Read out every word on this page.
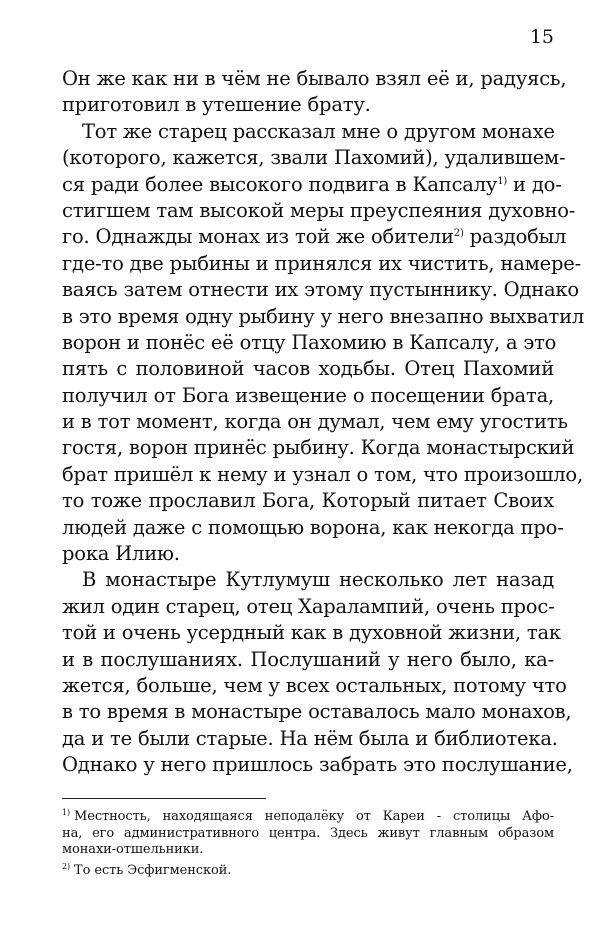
15
Он же как ни в чём не бывало взял её и, радуясь,
приготовил в утешение брату.
Тот же старец рассказал мне о другом монахе
(которого, кажется, звали Пахомий), удалившем-
ся ради более высокого подвига в Капсалу$^{1)}$ и до-
стигшем там высокой меры преуспеяния духовно-
го. Однажды монах из той же обители$^{2)}$ раздобыл
где-то две рыбины и принялся их чистить, намере-
ваясь затем отнести их этому пустыннику. Однако
в это время одну рыбину у него внезапно выхватил
ворон и понёс её отцу Пахомию в Капсалу, а это
пять с половиной часов ходьбы. Отец Пахомий
получил от Бога извещение о посещении брата,
и в тот момент, когда он думал, чем ему угостить
гостя, ворон принёс рыбину. Когда монастырский
брат пришёл к нему и узнал о том, что произошло,
то тоже прославил Бога, Который питает Своих
людей даже с помощью ворона, как некогда про-
рока Илию.
В монастыре Кутлумуш несколько лет назад
жил один старец, отец Харалампий, очень прос-
той и очень усердный как в духовной жизни, так
и в послушаниях. Послушаний у него было, ка-
жется, больше, чем у всех остальных, потому что
в то время в монастыре оставалось мало монахов,
да и те были старые. На нём была и библиотека.
Однако у него пришлось забрать это послушание,
$^{1)}$ Местность, находящаяся неподалёку от Кареи - столицы Афо-
на, его административного центра. Здесь живут главным образом
монахи-отшельники.
$^{2)}$ То есть Эсфигменской.
